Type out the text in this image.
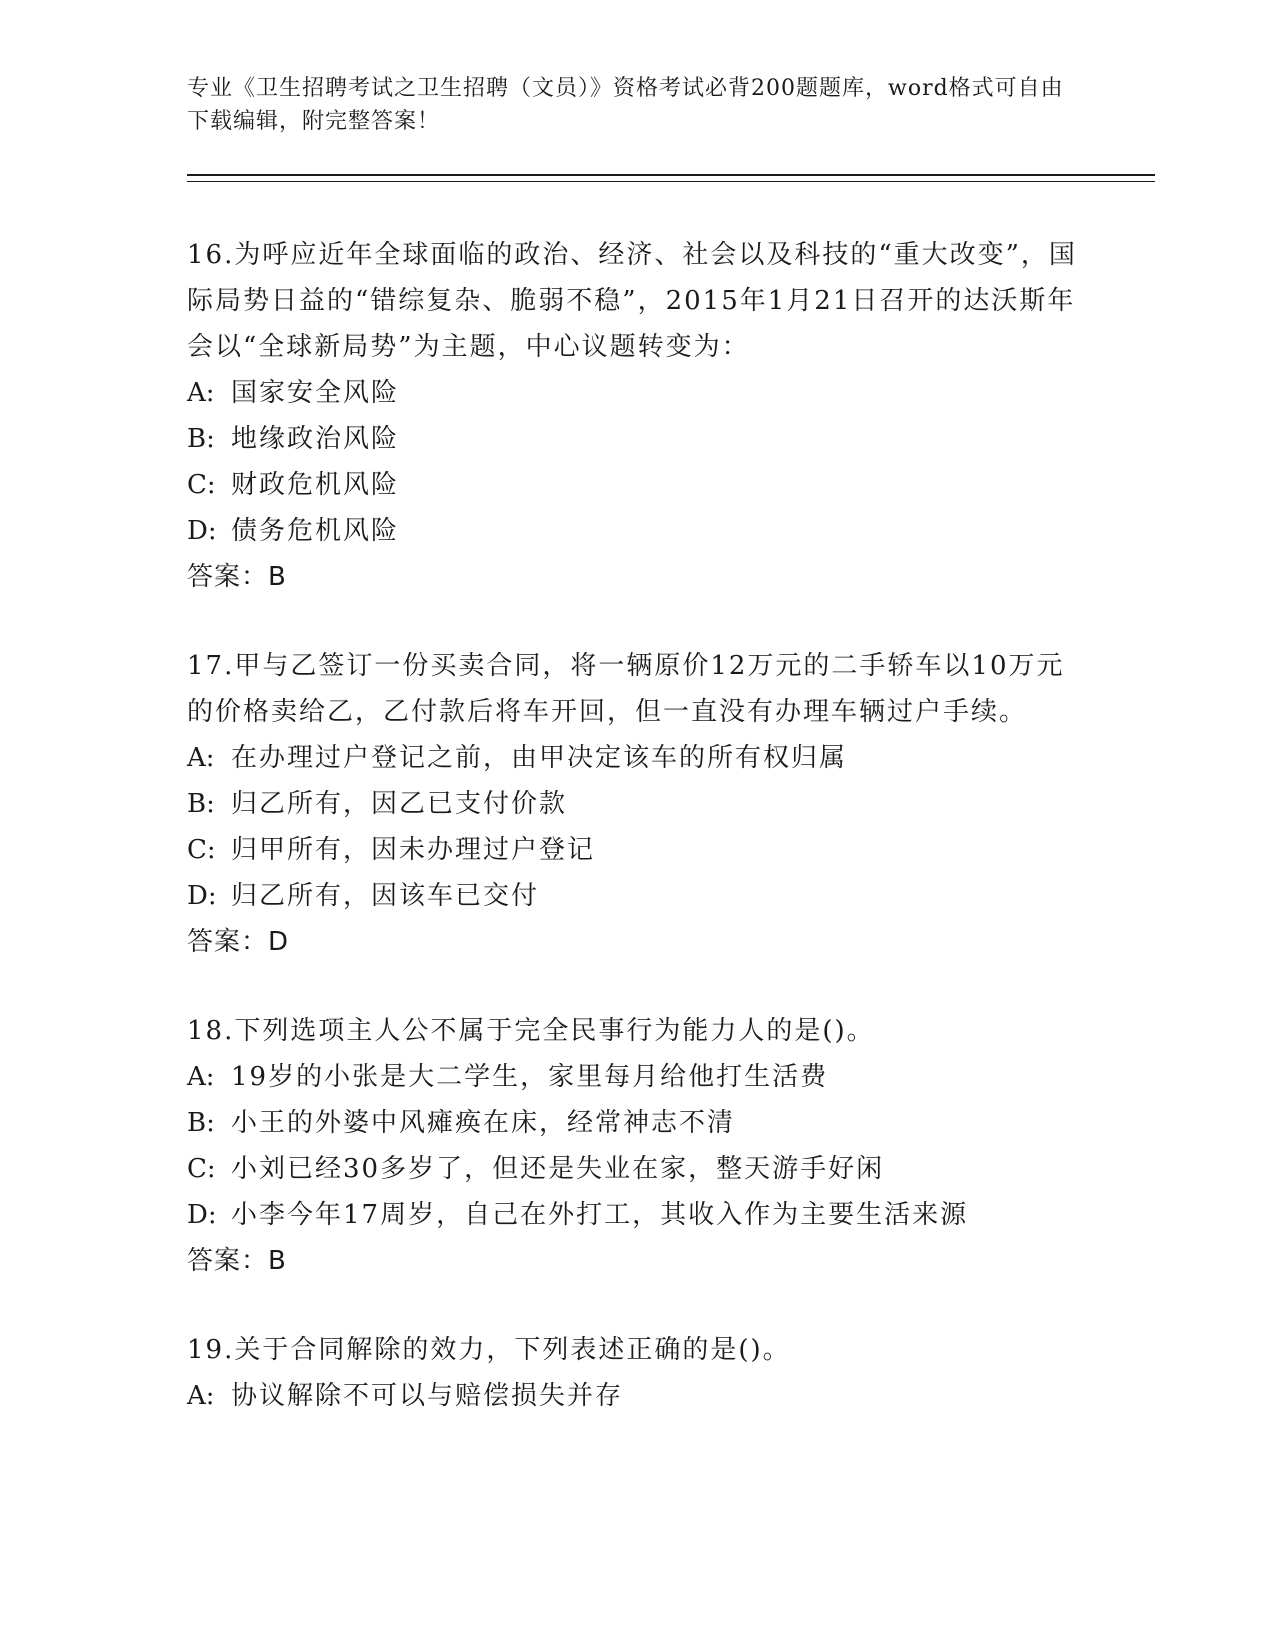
专业《卫生招聘考试之卫生招聘（文员）》资格考试必背200题题库，word格式可自由下载编辑，附完整答案！

16.为呼应近年全球面临的政治、经济、社会以及科技的“重大改变”，国际局势日益的“错综复杂、脆弱不稳”，2015年1月21日召开的达沃斯年会以“全球新局势”为主题，中心议题转变为：

A: 国家安全风险

B: 地缘政治风险

C: 财政危机风险

D: 债务危机风险

答案：B

17.甲与乙签订一份买卖合同，将一辆原价12万元的二手轿车以10万元的价格卖给乙，乙付款后将车开回，但一直没有办理车辆过户手续。

A: 在办理过户登记之前，由甲决定该车的所有权归属

B: 归乙所有，因乙已支付价款

C: 归甲所有，因未办理过户登记

D: 归乙所有，因该车已交付

答案：D

18.下列选项主人公不属于完全民事行为能力人的是()。

A: 19岁的小张是大二学生，家里每月给他打生活费

B: 小王的外婆中风瘫痪在床，经常神志不清

C: 小刘已经30多岁了，但还是失业在家，整天游手好闲

D: 小李今年17周岁，自己在外打工，其收入作为主要生活来源

答案：B

19.关于合同解除的效力，下列表述正确的是()。

A: 协议解除不可以与赔偿损失并存
